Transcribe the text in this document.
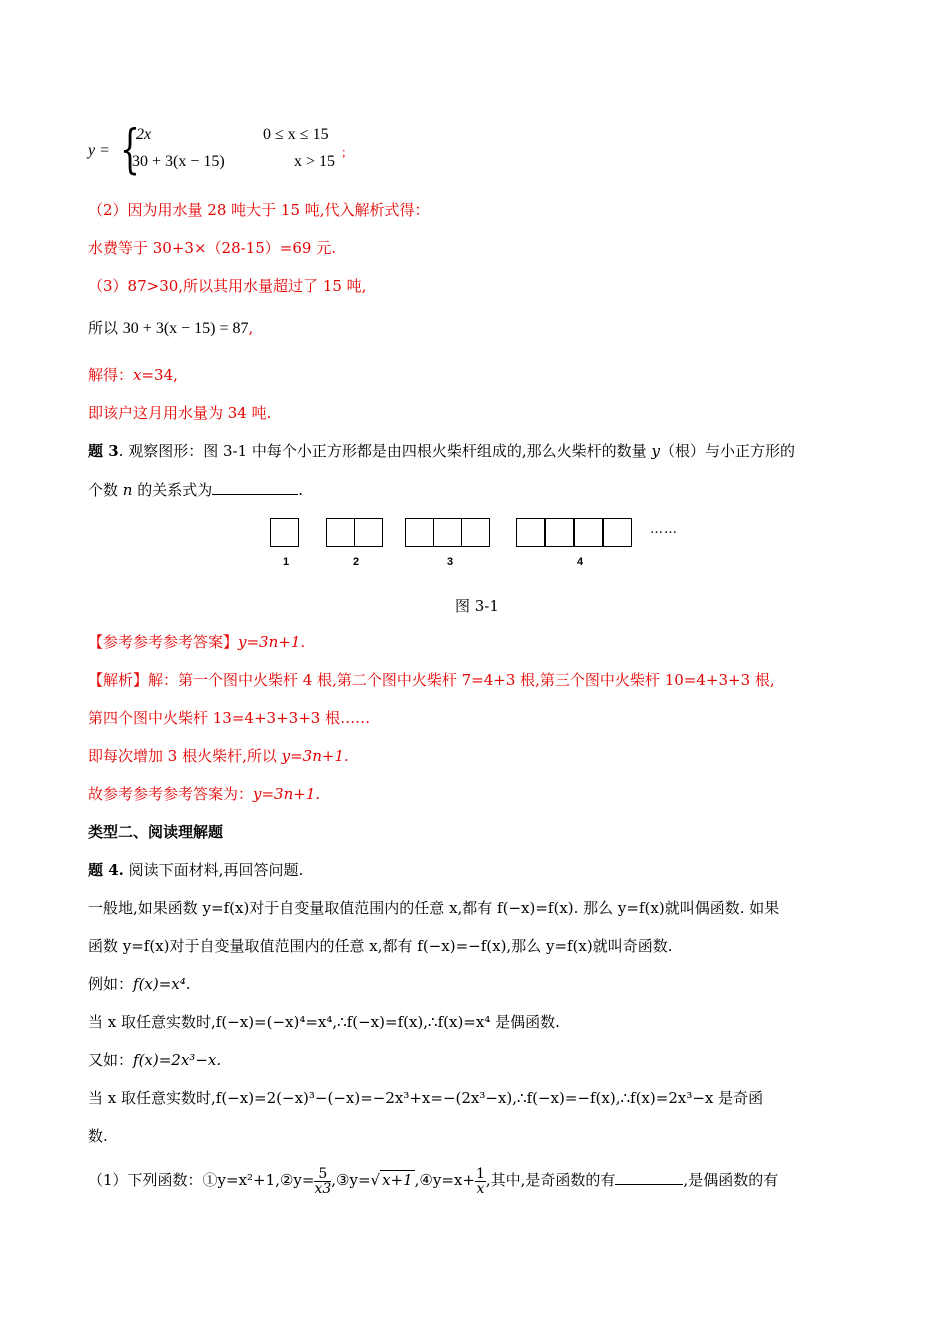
y = {
2x	0 ≤ x ≤ 15
30 + 3(x − 15)	x > 15
;
（2）因为用水量 28 吨大于 15 吨,代入解析式得：
水费等于 30+3×（28-15）=69 元.
（3）87>30,所以其用水量超过了 15 吨,
所以 30 + 3(x − 15) = 87,
解得：x=34,
即该户这月用水量为 34 吨.
题 3. 观察图形：图 3-1 中每个小正方形都是由四根火柴杆组成的,那么火柴杆的数量 y（根）与小正方形的
个数 n 的关系式为	.
1	2	3	4
……
图 3-1
【参考参考参考答案】y=3n+1.
【解析】解：第一个图中火柴杆 4 根,第二个图中火柴杆 7=4+3 根,第三个图中火柴杆 10=4+3+3 根,
第四个图中火柴杆 13=4+3+3+3 根……
即每次增加 3 根火柴杆,所以 y=3n+1.
故参考参考参考答案为：y=3n+1.
类型二、阅读理解题
题 4. 阅读下面材料,再回答问题.
一般地,如果函数 y=f(x)对于自变量取值范围内的任意 x,都有 f(−x)=f(x). 那么 y=f(x)就叫偶函数. 如果
函数 y=f(x)对于自变量取值范围内的任意 x,都有 f(−x)=−f(x),那么 y=f(x)就叫奇函数.
例如：f(x)=x⁴.
当 x 取任意实数时,f(−x)=(−x)⁴=x⁴,∴f(−x)=f(x),∴f(x)=x⁴ 是偶函数.
又如：f(x)=2x³−x.
当 x 取任意实数时,f(−x)=2(−x)³−(−x)=−2x³+x=−(2x³−x),∴f(−x)=−f(x),∴f(x)=2x³−x 是奇函
数.
（1）下列函数：①y=x²+1,②y= $\frac{5}{x3}$ ,③y=√ x+1 ,④y=x+ $\frac{1}{x}$ ,其中,是奇函数的有	,是偶函数的有
